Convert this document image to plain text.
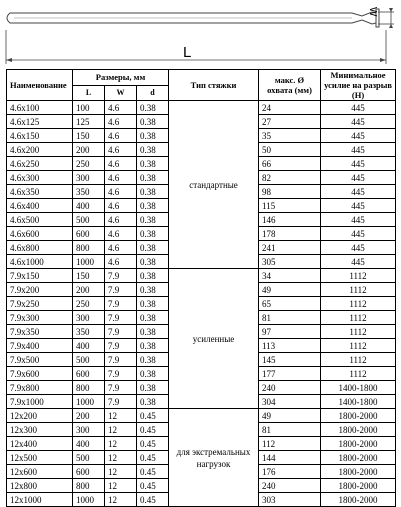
L
W
Наименование	Размеры, мм			Тип стяжки	макс. Ø охвата (мм)	Минимальное усилие на разрыв (Н)
	L	W	d			
4.6x100	100	4.6	0.38	стандартные	24	445
4.6x125	125	4.6	0.38		27	445
4.6x150	150	4.6	0.38		35	445
4.6x200	200	4.6	0.38		50	445
4.6x250	250	4.6	0.38		66	445
4.6x300	300	4.6	0.38		82	445
4.6x350	350	4.6	0.38		98	445
4.6x400	400	4.6	0.38		115	445
4.6x500	500	4.6	0.38		146	445
4.6x600	600	4.6	0.38		178	445
4.6x800	800	4.6	0.38		241	445
4.6x1000	1000	4.6	0.38		305	445
7.9x150	150	7.9	0.38	усиленные	34	1112
7.9x200	200	7.9	0.38		49	1112
7.9x250	250	7.9	0.38		65	1112
7.9x300	300	7.9	0.38		81	1112
7.9x350	350	7.9	0.38		97	1112
7.9x400	400	7.9	0.38		113	1112
7.9x500	500	7.9	0.38		145	1112
7.9x600	600	7.9	0.38		177	1112
7.9x800	800	7.9	0.38		240	1400-1800
7.9x1000	1000	7.9	0.38		304	1400-1800
12x200	200	12	0.45	для экстремальных нагрузок	49	1800-2000
12x300	300	12	0.45		81	1800-2000
12x400	400	12	0.45		112	1800-2000
12x500	500	12	0.45		144	1800-2000
12x600	600	12	0.45		176	1800-2000
12x800	800	12	0.45		240	1800-2000
12x1000	1000	12	0.45		303	1800-2000
